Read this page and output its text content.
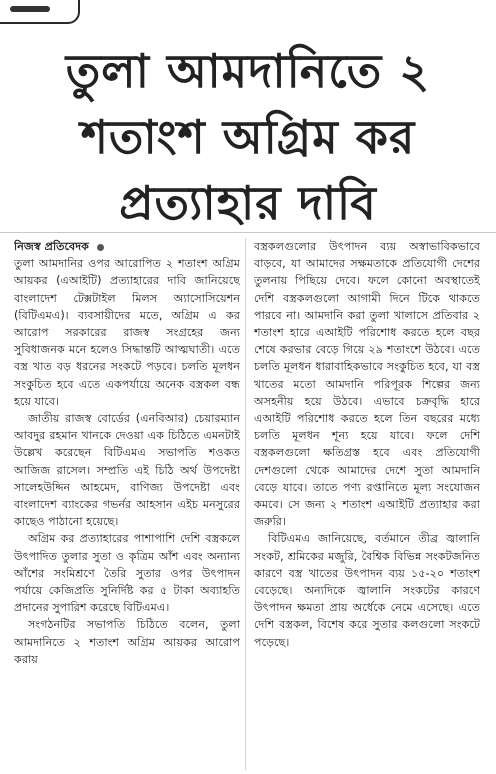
তুলা আমদানিতে ২
শতাংশ অগ্রিম কর
প্রত্যাহার দাবি

নিজস্ব প্রতিবেদক

তুলা আমদানির ওপর আরোপিত ২ শতাংশ অগ্রিম আয়কর (এআইটি) প্রত্যাহারের দাবি জানিয়েছে বাংলাদেশ টেক্সটাইল মিলস অ্যাসোসিয়েশন (বিটিএমএ)। ব্যবসায়ীদের মতে, অগ্রিম এ কর আরোপ সরকারের রাজস্ব সংগ্রহের জন্য সুবিধাজনক মনে হলেও সিদ্ধান্তটি আত্মঘাতী। এতে বস্ত্র খাত বড় ধরনের সংকটে পড়বে। চলতি মূলধন সংকুচিত হবে এতে একপর্যায়ে অনেক বস্ত্রকল বন্ধ হয়ে যাবে।

জাতীয় রাজস্ব বোর্ডের (এনবিআর) চেয়ারম্যান আবদুর রহমান খানকে দেওয়া এক চিঠিতে এমনটাই উল্লেখ করেছেন বিটিএমএ সভাপতি শওকত আজিজ রাসেল। সম্প্রতি এই চিঠি অর্থ উপদেষ্টা সালেহউদ্দিন আহমেদ, বাণিজ্য উপদেষ্টা এবং বাংলাদেশ ব্যাংকের গভর্নর আহসান এইচ মনসুরের কাছেও পাঠানো হয়েছে।

অগ্রিম কর প্রত্যাহারের পাশাপাশি দেশি বস্ত্রকলে উৎপাদিত তুলার সুতা ও কৃত্রিম আঁশ এবং অন্যান্য আঁশের সংমিশ্রণে তৈরি সুতার ওপর উৎপাদন পর্যায়ে কেজিপ্রতি সুনির্দিষ্ট কর ৫ টাকা অব্যাহতি প্রদানের সুপারিশ করেছে বিটিএমএ।

সংগঠনটির সভাপতি চিঠিতে বলেন, তুলা আমদানিতে ২ শতাংশ অগ্রিম আয়কর আরোপ করায়

বস্ত্রকলগুলোর উৎপাদন ব্যয় অস্বাভাবিকভাবে বাড়বে, যা আমাদের সক্ষমতাকে প্রতিযোগী দেশের তুলনায় পিছিয়ে দেবে। ফলে কোনো অবস্থাতেই দেশি বস্ত্রকলগুলো আগামী দিনে টিকে থাকতে পারবে না। আমদানি করা তুলা খালাসে প্রতিবার ২ শতাংশ হারে এআইটি পরিশোধ করতে হলে বছর শেষে করভার বেড়ে গিয়ে ২৯ শতাংশে উঠবে। এতে চলতি মূলধন ধারাবাহিকভাবে সংকুচিত হবে, যা বস্ত্র খাতের মতো আমদানি পরিপূরক শিল্পের জন্য অসহনীয় হয়ে উঠবে। এভাবে চক্রবৃদ্ধি হারে এআইটি পরিশোধ করতে হলে তিন বছরের মধ্যে চলতি মূলধন শূন্য হয়ে যাবে। ফলে দেশি বস্ত্রকলগুলো ক্ষতিগ্রস্ত হবে এবং প্রতিযোগী দেশগুলো থেকে আমাদের দেশে সুতা আমদানি বেড়ে যাবে। তাতে পণ্য রপ্তানিতে মূল্য সংযোজন কমবে। সে জন্য ২ শতাংশ এআইটি প্রত্যাহার করা জরুরি।

বিটিএমএ জানিয়েছে, বর্তমানে তীব্র জ্বালানি সংকট, শ্রমিকের মজুরি, বৈশ্বিক বিভিন্ন সংকটজনিত কারণে বস্ত্র খাতের উৎপাদন ব্যয় ১৫-২০ শতাংশ বেড়েছে। অন্যদিকে জ্বালানি সংকটের কারণে উৎপাদন ক্ষমতা প্রায় অর্ধেকে নেমে এসেছে। এতে দেশি বস্ত্রকল, বিশেষ করে সুতার কলগুলো সংকটে পড়েছে।
